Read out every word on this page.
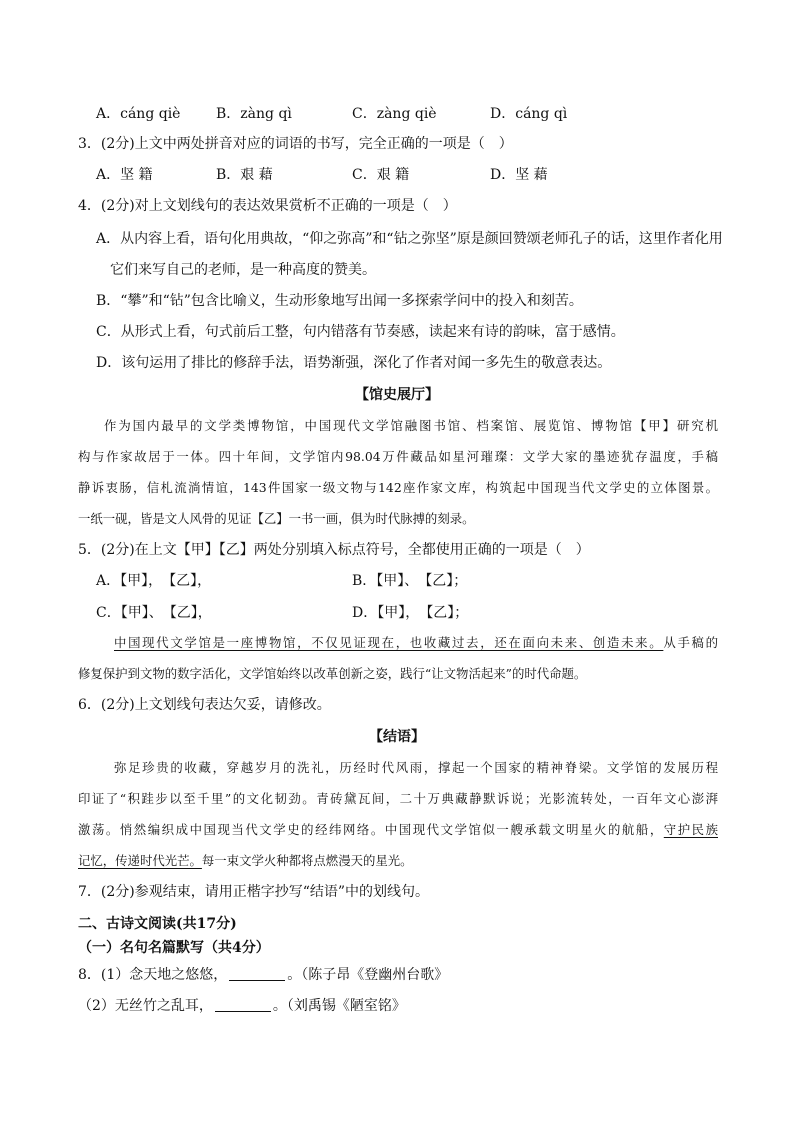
A．cáng qiè	B．zàng qì	C．zàng qiè	D．cáng qì
3．(2分)上文中两处拼音对应的词语的书写，完全正确的一项是（　）
A．坚 籍	B．艰 藉	C．艰 籍	D．坚 藉
4．(2分)对上文划线句的表达效果赏析不正确的一项是（　）
A．从内容上看，语句化用典故，“仰之弥高”和“钻之弥坚”原是颜回赞颂老师孔子的话，这里作者化用
它们来写自己的老师，是一种高度的赞美。
B．“攀”和“钻”包含比喻义，生动形象地写出闻一多探索学问中的投入和刻苦。
C．从形式上看，句式前后工整，句内错落有节奏感，读起来有诗的韵味，富于感情。
D．该句运用了排比的修辞手法，语势渐强，深化了作者对闻一多先生的敬意表达。
【馆史展厅】
作为国内最早的文学类博物馆，中国现代文学馆融图书馆、档案馆、展览馆、博物馆【甲】研究机
构与作家故居于一体。四十年间，文学馆内98.04万件藏品如星河璀璨：文学大家的墨迹犹存温度，手稿
静诉衷肠，信札流淌情谊，143件国家一级文物与142座作家文库，构筑起中国现当代文学史的立体图景。
一纸一砚，皆是文人风骨的见证【乙】一书一画，俱为时代脉搏的刻录。
5．(2分)在上文【甲】【乙】两处分别填入标点符号，全都使用正确的一项是（　）
A．【甲】，　【乙】，	B．【甲】、　【乙】；
C．【甲】、　【乙】，	D．【甲】，　【乙】；
中国现代文学馆是一座博物馆，不仅见证现在，也收藏过去，还在面向未来、创造未来。从手稿的
修复保护到文物的数字活化，文学馆始终以改革创新之姿，践行“让文物活起来”的时代命题。
6．(2分)上文划线句表达欠妥，请修改。
【结语】
弥足珍贵的收藏，穿越岁月的洗礼，历经时代风雨，撑起一个国家的精神脊梁。文学馆的发展历程
印证了“积跬步以至千里”的文化韧劲。青砖黛瓦间，二十万典藏静默诉说；光影流转处，一百年文心澎湃
激荡。悄然编织成中国现当代文学史的经纬网络。中国现代文学馆似一艘承载文明星火的航船，守护民族
记忆，传递时代光芒。每一束文学火种都将点燃漫天的星光。
7．(2分)参观结束，请用正楷字抄写“结语”中的划线句。
二、古诗文阅读(共17分)
（一）名句名篇默写（共4分）
8．(1）念天地之悠悠，	。（陈子昂《登幽州台歌》
（2）无丝竹之乱耳，	。（刘禹锡《陋室铭》
